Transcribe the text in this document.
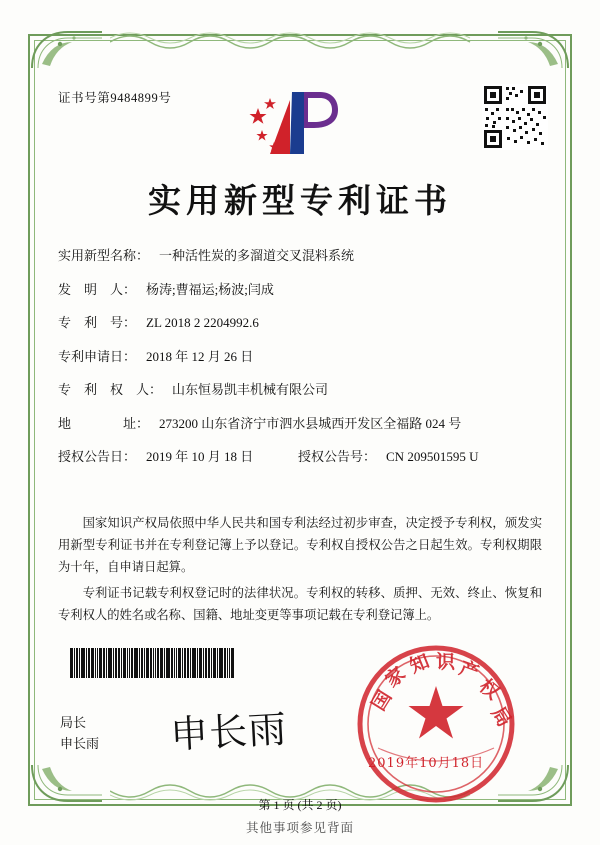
证书号第9484899号
实用新型专利证书
实用新型名称： 一种活性炭的多溜道交叉混料系统
发　明　人： 杨涛;曹福运;杨波;闫成
专　利　号： ZL 2018 2 2204992.6
专利申请日： 2018 年 12 月 26 日
专　利　权　人： 山东恒易凯丰机械有限公司
地　　　　址： 273200 山东省济宁市泗水县城西开发区全福路 024 号
授权公告日： 2019 年 10 月 18 日	授权公告号： CN 209501595 U

国家知识产权局依照中华人民共和国专利法经过初步审查，决定授予专利权，颁发实用新型专利证书并在专利登记簿上予以登记。专利权自授权公告之日起生效。专利权期限为十年，自申请日起算。

专利证书记载专利权登记时的法律状况。专利权的转移、质押、无效、终止、恢复和专利权人的姓名或名称、国籍、地址变更等事项记载在专利登记簿上。

局长
申长雨 申长雨
国
家
知 识 产
权
局
2019年10月18日
第 1 页 (共 2 页)
其他事项参见背面
